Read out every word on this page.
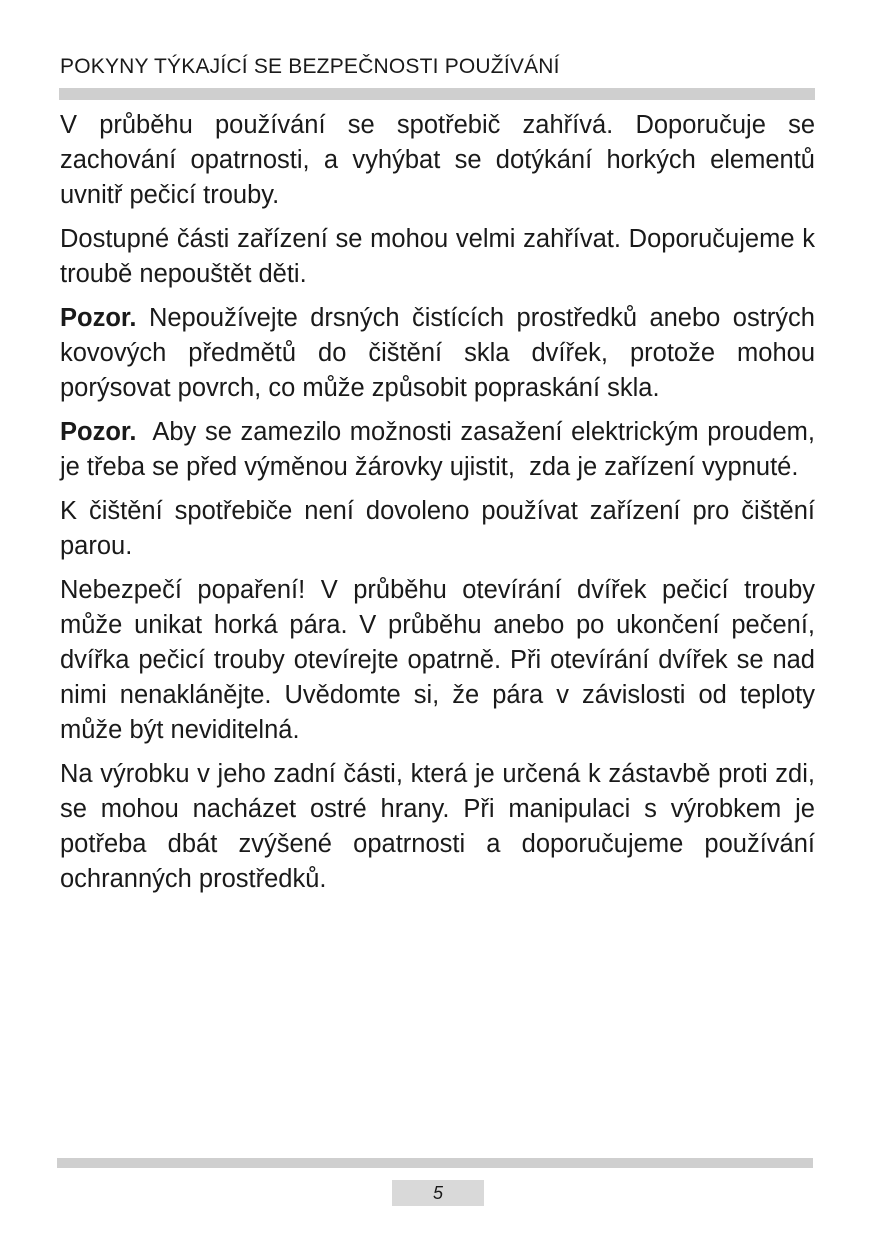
POKYNY TÝKAJÍCÍ SE BEZPEČNOSTI POUŽÍVÁNÍ

V průběhu používání se spotřebič zahřívá. Doporučuje se zachování opatrnosti, a vyhýbat se dotýkání horkých elementů uvnitř pečicí trouby.

Dostupné části zařízení se mohou velmi zahřívat. Doporučujeme k troubě nepouštět děti.

Pozor. Nepoužívejte drsných čistících prostředků anebo ostrých kovových předmětů do čištění skla dvířek, protože mohou porýsovat povrch, co může způsobit popraskání skla.

Pozor.  Aby se zamezilo možnosti zasažení elektrickým proudem, je třeba se před výměnou žárovky ujistit,  zda je zařízení vypnuté.

K čištění spotřebiče není dovoleno používat zařízení pro čištění parou.

Nebezpečí popaření! V průběhu otevírání dvířek pečicí trouby může unikat horká pára. V průběhu anebo po ukončení pečení, dvířka pečicí trouby otevírejte opatrně. Při otevírání dvířek se nad nimi nenaklánějte. Uvědomte si, že pára v závislosti od teploty může být neviditelná.

Na výrobku v jeho zadní části, která je určená k zástavbě proti zdi, se mohou nacházet ostré hrany. Při manipulaci s výrobkem je potřeba dbát zvýšené opatrnosti a doporučujeme používání ochranných prostředků.

5
